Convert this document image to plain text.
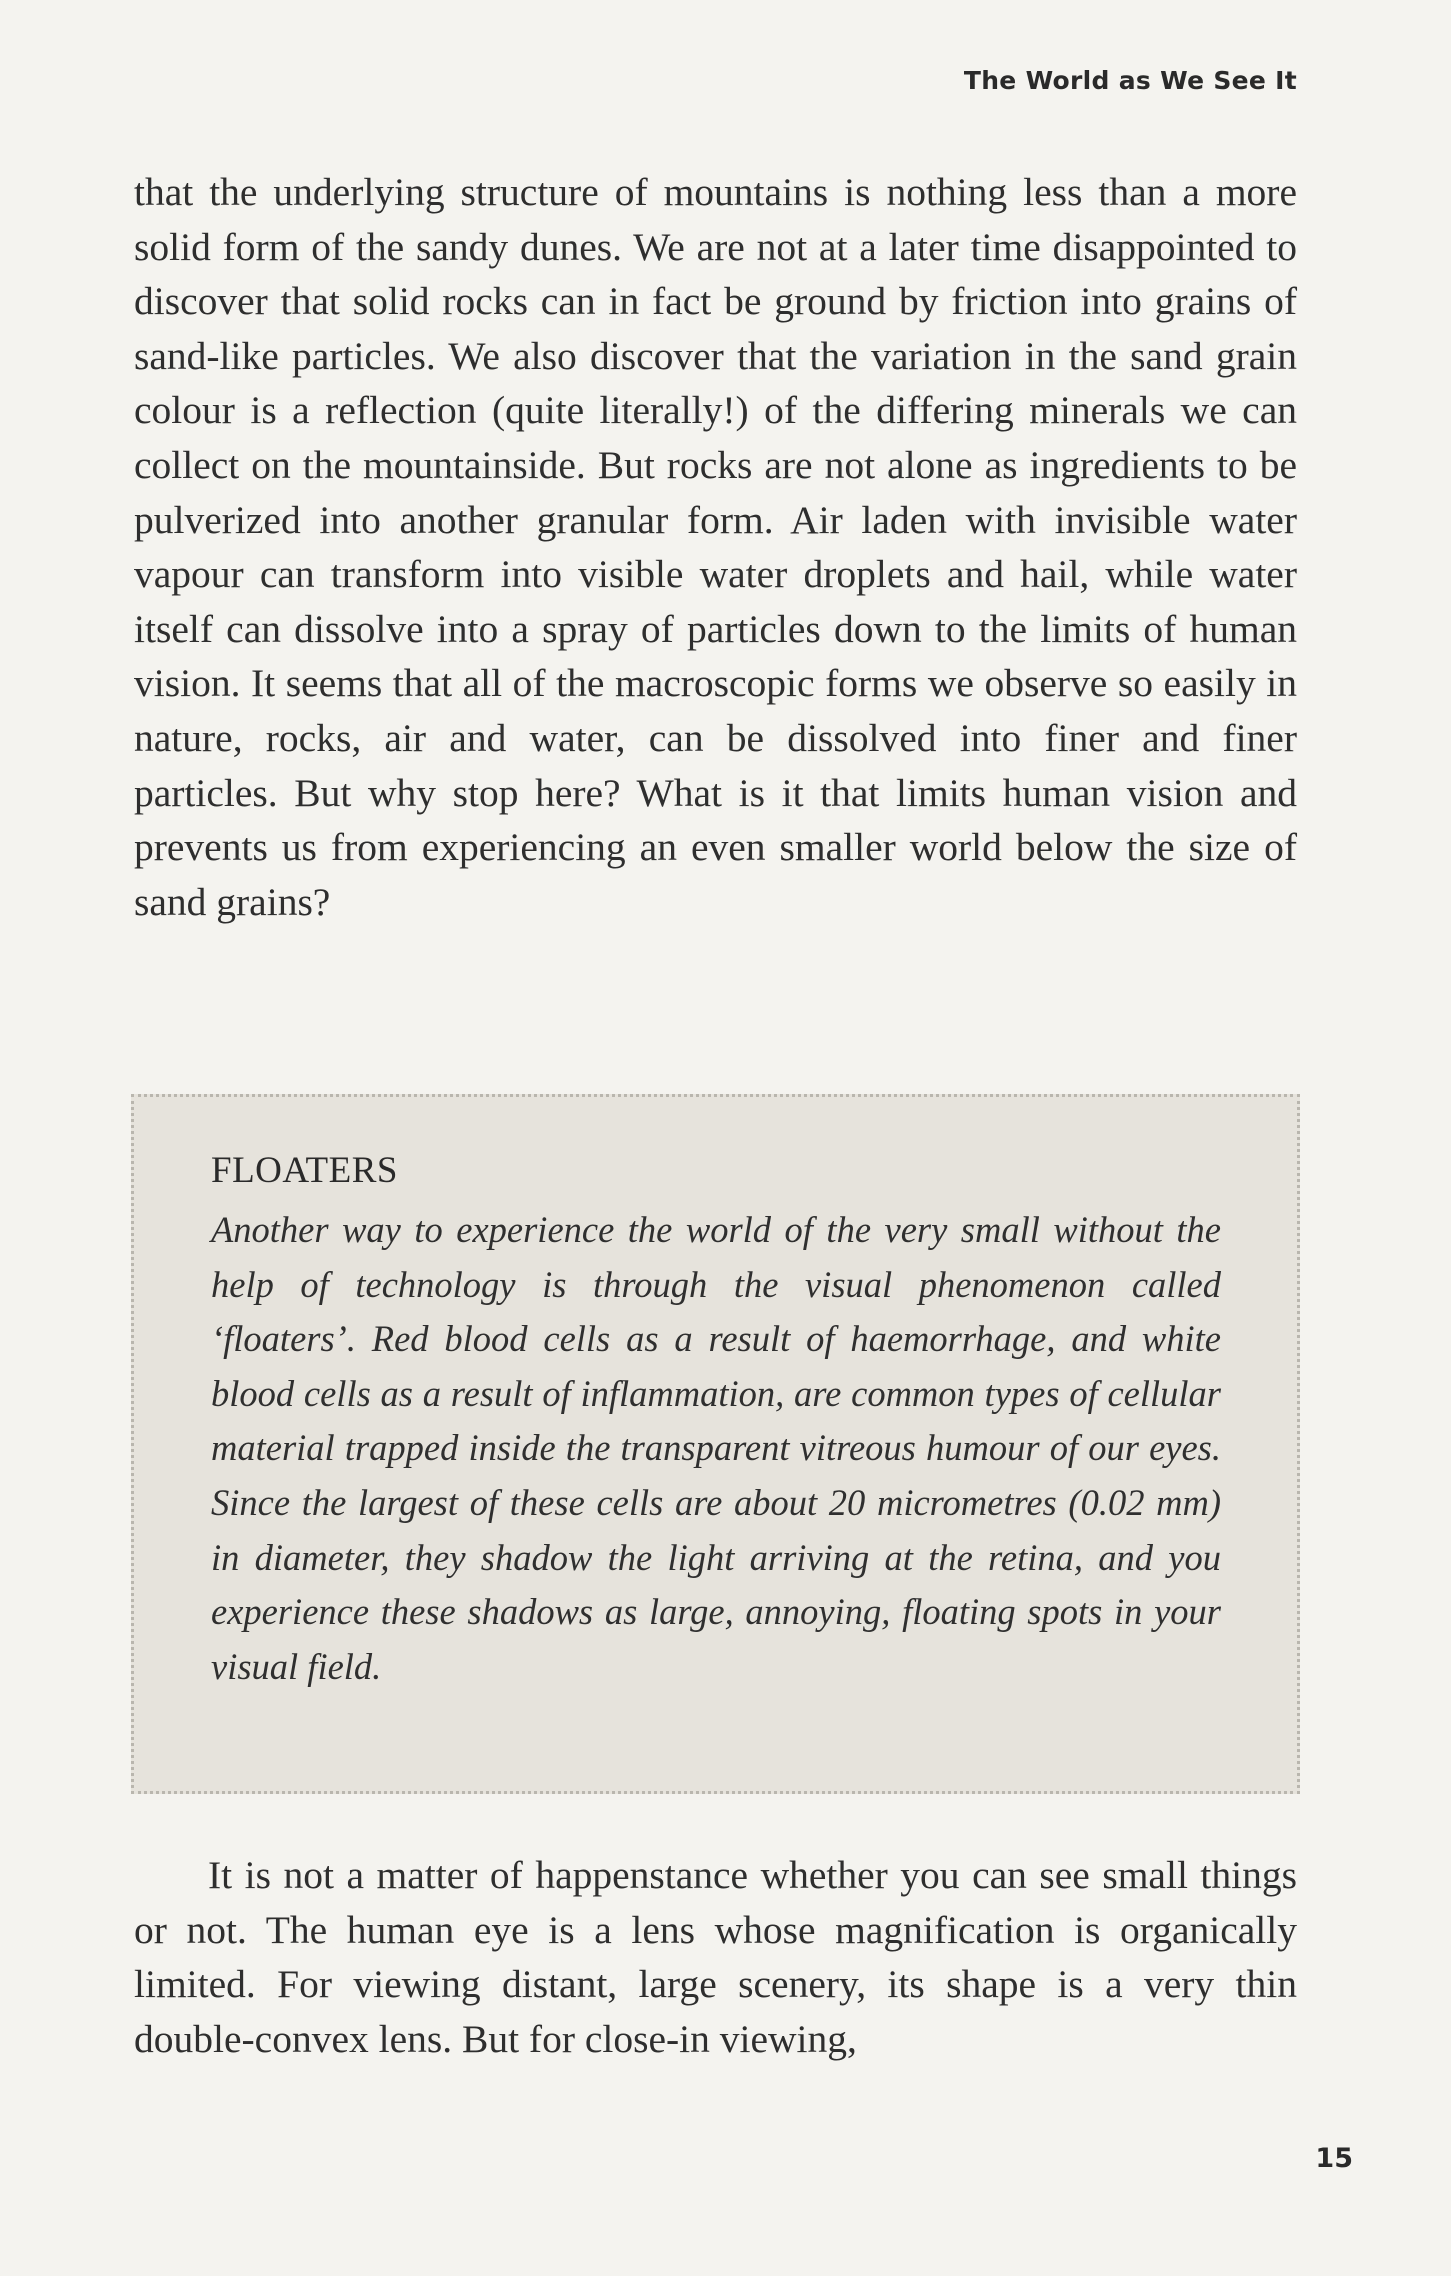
The World as We See It

that the underlying structure of mountains is nothing less than a more solid form of the sandy dunes. We are not at a later time disappointed to discover that solid rocks can in fact be ground by friction into grains of sand-like particles. We also discover that the variation in the sand grain colour is a reflection (quite literally!) of the differing minerals we can collect on the mountainside. But rocks are not alone as ingredients to be pulverized into another granular form. Air laden with invisible water vapour can transform into visible water droplets and hail, while water itself can dissolve into a spray of particles down to the limits of human vision. It seems that all of the macroscopic forms we observe so easily in nature, rocks, air and water, can be dissolved into finer and finer particles. But why stop here? What is it that limits human vision and prevents us from experiencing an even smaller world below the size of sand grains?

FLOATERS

Another way to experience the world of the very small without the help of technology is through the visual phenomenon called ‘floaters’. Red blood cells as a result of haemorrhage, and white blood cells as a result of inflammation, are common types of cellular material trapped inside the transparent vitreous humour of our eyes. Since the largest of these cells are about 20 micrometres (0.02 mm) in diameter, they shadow the light arriving at the retina, and you experience these shadows as large, annoying, floating spots in your visual field.

It is not a matter of happenstance whether you can see small things or not. The human eye is a lens whose magnification is organically limited. For viewing distant, large scenery, its shape is a very thin double-convex lens. But for close-in viewing,

15
